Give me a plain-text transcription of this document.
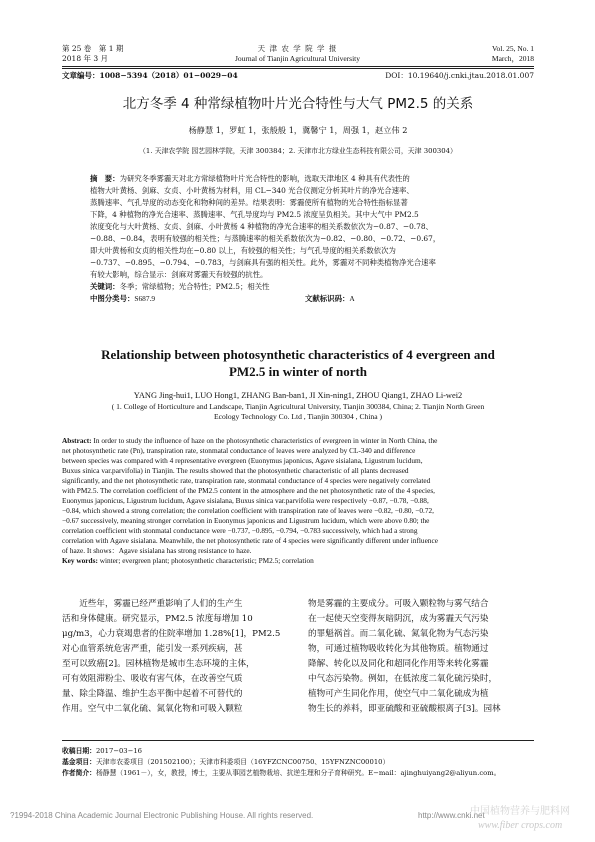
第 25 卷　第 1 期
2018 年 3 月
天 津 农 学 院 学 报
Journal of Tianjin Agricultural University
Vol. 25, No. 1
March，2018
文章编号：1008−5394（2018）01−0029−04	DOI：10.19640/j.cnki.jtau.2018.01.007
北方冬季 4 种常绿植物叶片光合特性与大气 PM2.5 的关系
杨静慧 1，罗虹 1，张般般 1，冀馨宁 1，周强 1，赵立伟 2
（1. 天津农学院 园艺园林学院，天津 300384；2. 天津市北方绿业生态科技有限公司，天津 300304）
摘　要：为研究冬季雾霾天对北方常绿植物叶片光合特性的影响，选取天津地区 4 种具有代表性的
植物大叶黄杨、剑麻、女贞、小叶黄杨为材料，用 CL−340 光合仪测定分析其叶片的净光合速率、
蒸腾速率、气孔导度的动态变化和物种间的差异。结果表明：雾霾使所有植物的光合特性指标显著
下降，4 种植物的净光合速率、蒸腾速率、气孔导度均与 PM2.5 浓度呈负相关。其中大气中 PM2.5
浓度变化与大叶黄杨、女贞、剑麻、小叶黄杨 4 种植物的净光合速率的相关系数依次为−0.87、−0.78、
−0.88、−0.84，表明有较强的相关性；与蒸腾速率的相关系数依次为−0.82、−0.80、−0.72、−0.67，
即大叶黄杨和女贞的相关性均在−0.80 以上，有较强的相关性；与气孔导度的相关系数依次为
−0.737、−0.895、−0.794、−0.783，与剑麻具有强的相关性。此外，雾霾对不同种类植物净光合速率
有较大影响，综合显示：剑麻对雾霾天有较强的抗性。
关键词：冬季；常绿植物；光合特性；PM2.5；相关性
中图分类号：S687.9	文献标识码：A
Relationship between photosynthetic characteristics of 4 evergreen and
PM2.5 in winter of north
YANG Jing-hui1, LUO Hong1, ZHANG Ban-ban1, JI Xin-ning1, ZHOU Qiang1, ZHAO Li-wei2
( 1. College of Horticulture and Landscape, Tianjin Agricultural University, Tianjin 300384, China; 2. Tianjin North Green
Ecology Technology Co. Ltd , Tianjin 300304 , China )
Abstract: In order to study the influence of haze on the photosynthetic characteristics of evergreen in winter in North China, the
net photosynthetic rate (Pn), transpiration rate, stonmatal conductance of leaves were analyzed by CL-340 and difference
between species was compared with 4 representative evergreen (Euonymus japonicus, Agave sisialana, Ligustrum lucidum,
Buxus sinica var.parvifolia) in Tianjin. The results showed that the photosynthetic characteristic of all plants decreased
significantly, and the net photosynthetic rate, transpiration rate, stonmatal conductance of 4 species were negatively correlated
with PM2.5. The correlation coefficient of the PM2.5 content in the atmosphere and the net photosynthetic rate of the 4 species,
Euonymus japonicus, Ligustrum lucidum, Agave sisialana, Buxus sinica var.parvifolia were respectively −0.87, −0.78, −0.88,
−0.84, which showed a strong correlation; the correlation coefficient with transpiration rate of leaves were −0.82, −0.80, −0.72,
−0.67 successively, meaning stronger correlation in Euonymus japonicus and Ligustrum lucidum, which were above 0.80; the
correlation coefficient with stonmatal conductance were −0.737, −0.895, −0.794, −0.783 successively, which had a strong
correlation with Agave sisialana. Meanwhile, the net photosynthetic rate of 4 species were significantly different under influence
of haze. It shows：Agave sisialana has strong resistance to haze.
Key words: winter; evergreen plant; photosynthetic characteristic; PM2.5; correlation
　　近些年，雾霾已经严重影响了人们的生产生
活和身体健康。研究显示，PM2.5 浓度每增加 10
μg/m3，心力衰竭患者的住院率增加 1.28%[1]，PM2.5
对心血管系统危害严重，能引发一系列疾病，甚
至可以致癌[2]。园林植物是城市生态环境的主体，
可有效阻滞粉尘、吸收有害气体，在改善空气质
量、除尘降温、维护生态平衡中起着不可替代的
作用。空气中二氧化硫、氮氧化物和可吸入颗粒
物是雾霾的主要成分。可吸入颗粒物与雾气结合
在一起使天空变得灰暗阴沉，成为雾霾天气污染
的罪魁祸首。而二氧化硫、氮氧化物为气态污染
物，可通过植物吸收转化为其他物质。植物通过
降解、转化以及同化和超同化作用等来转化雾霾
中气态污染物。例如，在低浓度二氧化硫污染时，
植物可产生同化作用，使空气中二氧化硫成为植
物生长的养料，即亚硫酸和亚硫酸根离子[3]。园林
收稿日期：2017−03−16
基金项目：天津市农委项目（201502100）；天津市科委项目（16YFZCNC00750、15YFNZNC00010）
作者简介：杨静慧（1961－），女，教授，博士，主要从事园艺植物栽培、抗逆生理和分子育种研究。E−mail：ajinghuiyang2@aliyun.com。
?1994-2018 China Academic Journal Electronic Publishing House. All rights reserved.	http://www.cnki.net
中国植物营养与肥料网
www.fiber crops.com
